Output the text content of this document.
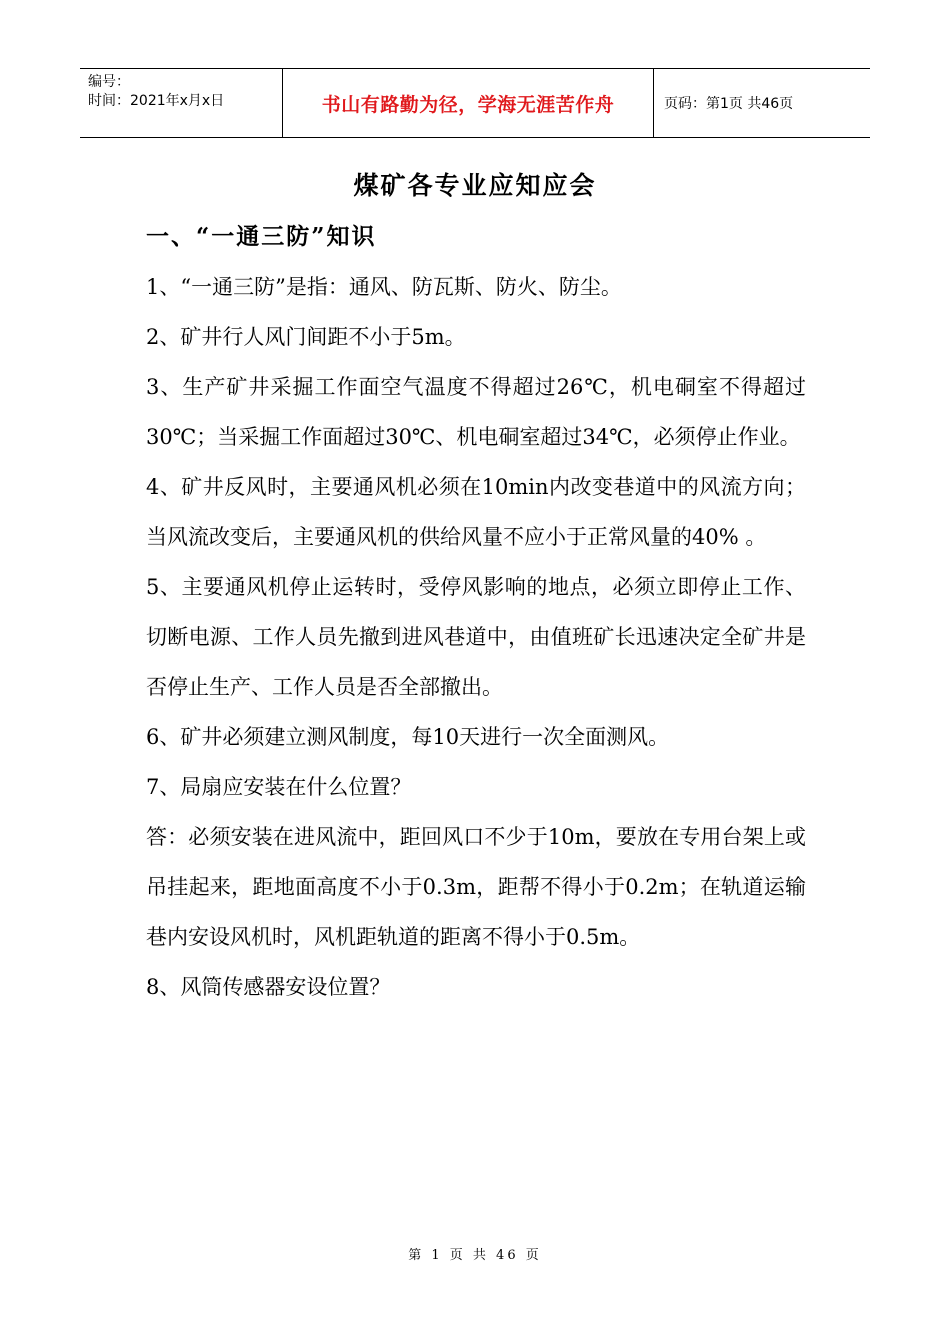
编号：
时间：2021年x月x日	书山有路勤为径，学海无涯苦作舟	页码：第1页 共46页
煤矿各专业应知应会
一、“一通三防”知识

1、“一通三防”是指：通风、防瓦斯、防火、防尘。

2、矿井行人风门间距不小于5m。

3、生产矿井采掘工作面空气温度不得超过26℃，机电硐室不得超过30℃；当采掘工作面超过30℃、机电硐室超过34℃，必须停止作业。

4、矿井反风时，主要通风机必须在10min内改变巷道中的风流方向；当风流改变后，主要通风机的供给风量不应小于正常风量的40% 。

5、主要通风机停止运转时，受停风影响的地点，必须立即停止工作、切断电源、工作人员先撤到进风巷道中，由值班矿长迅速决定全矿井是否停止生产、工作人员是否全部撤出。

6、矿井必须建立测风制度，每10天进行一次全面测风。

7、局扇应安装在什么位置？

答：必须安装在进风流中，距回风口不少于10m，要放在专用台架上或吊挂起来，距地面高度不小于0.3m，距帮不得小于0.2m；在轨道运输巷内安设风机时，风机距轨道的距离不得小于0.5m。

8、风筒传感器安设位置？

第 1 页 共 46 页
